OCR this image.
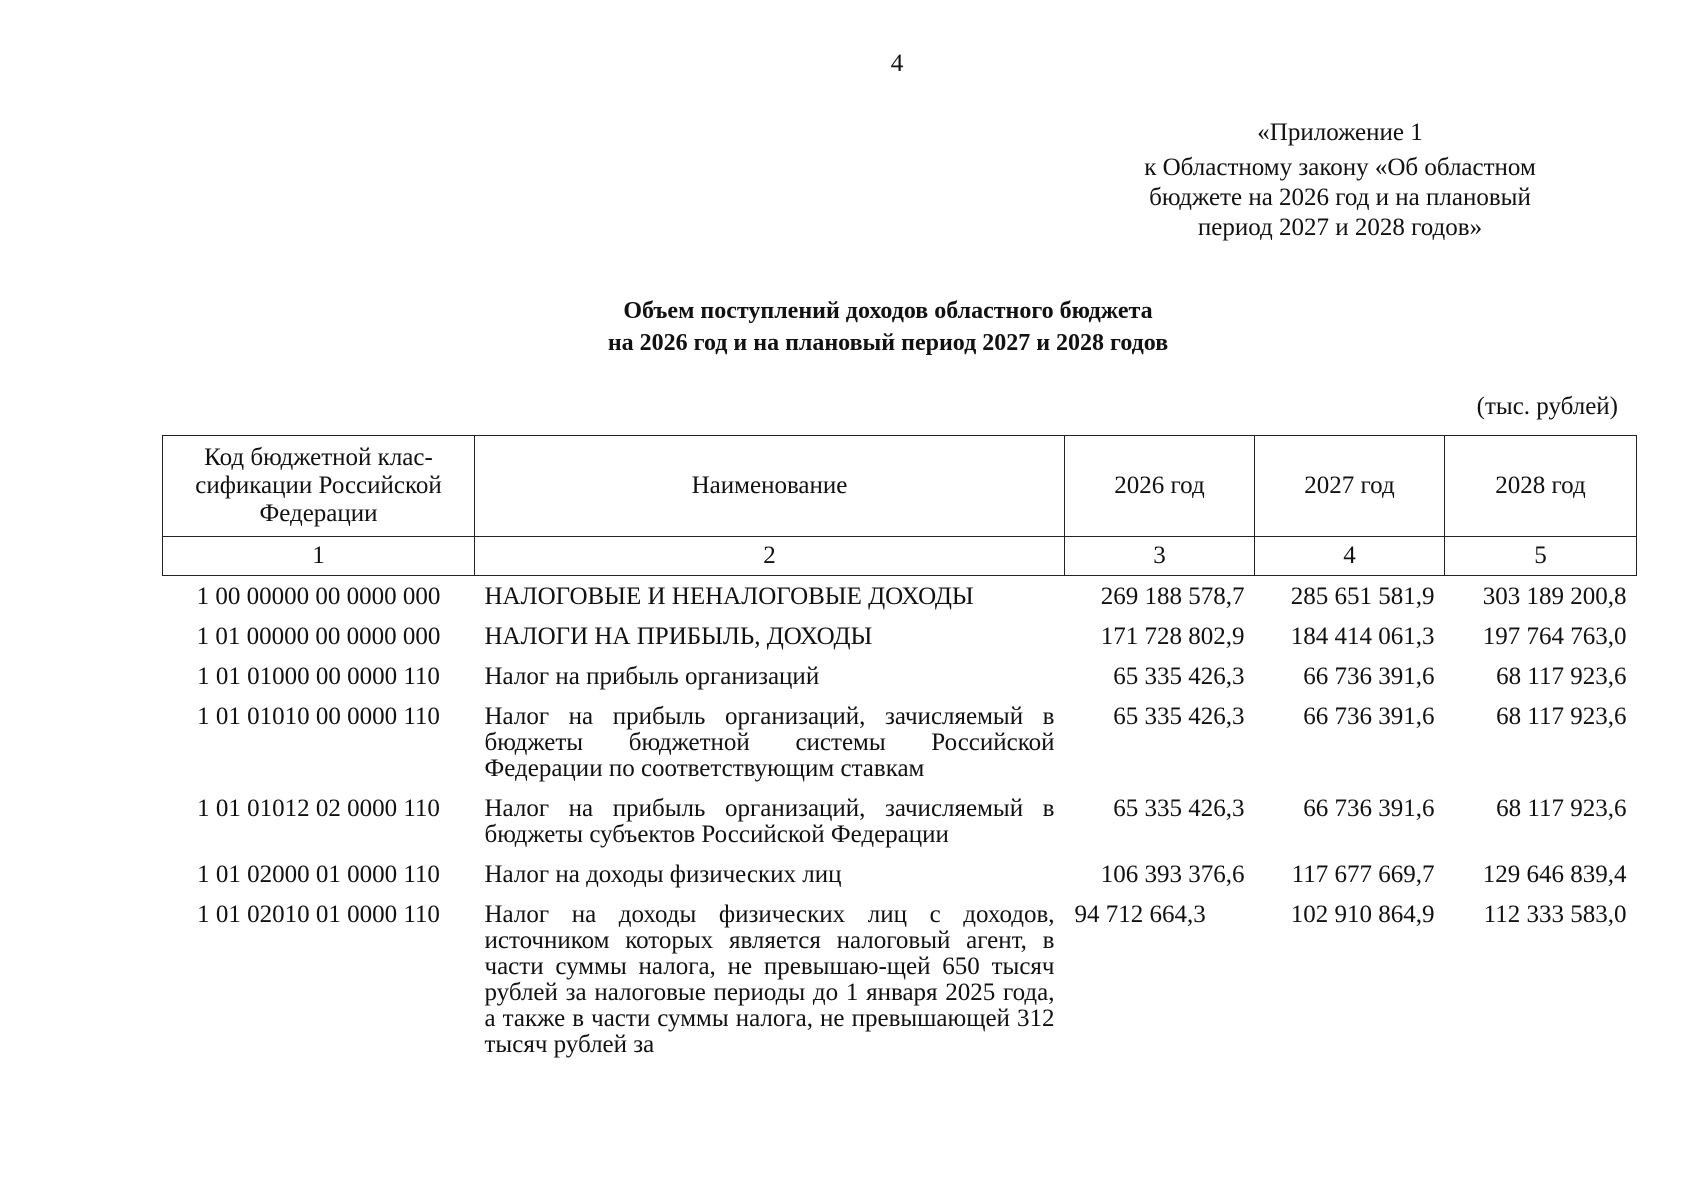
4
«Приложение 1
к Областному закону «Об областном
бюджете на 2026 год и на плановый
период 2027 и 2028 годов»
Объем поступлений доходов областного бюджета
на 2026 год и на плановый период 2027 и 2028 годов
(тыс. рублей)
Код бюджетной клас-сификации Российской Федерации	Наименование	2026 год	2027 год	2028 год
1	2	3	4	5
1 00 00000 00 0000 000	НАЛОГОВЫЕ И НЕНАЛОГОВЫЕ ДОХОДЫ	269 188 578,7	285 651 581,9	303 189 200,8
1 01 00000 00 0000 000	НАЛОГИ НА ПРИБЫЛЬ, ДОХОДЫ	171 728 802,9	184 414 061,3	197 764 763,0
1 01 01000 00 0000 110	Налог на прибыль организаций	65 335 426,3	66 736 391,6	68 117 923,6
1 01 01010 00 0000 110	Налог на прибыль организаций, зачисляемый в бюджеты бюджетной системы Российской Федерации по соответствующим ставкам	65 335 426,3	66 736 391,6	68 117 923,6
1 01 01012 02 0000 110	Налог на прибыль организаций, зачисляемый в бюджеты субъектов Российской Федерации	65 335 426,3	66 736 391,6	68 117 923,6
1 01 02000 01 0000 110	Налог на доходы физических лиц	106 393 376,6	117 677 669,7	129 646 839,4
1 01 02010 01 0000 110	Налог на доходы физических лиц с доходов, источником которых является налоговый агент, в части суммы налога, не превышаю-щей 650 тысяч рублей за налоговые периоды до 1 января 2025 года, а также в части суммы налога, не превышающей 312 тысяч рублей за	94 712 664,3	102 910 864,9	112 333 583,0
